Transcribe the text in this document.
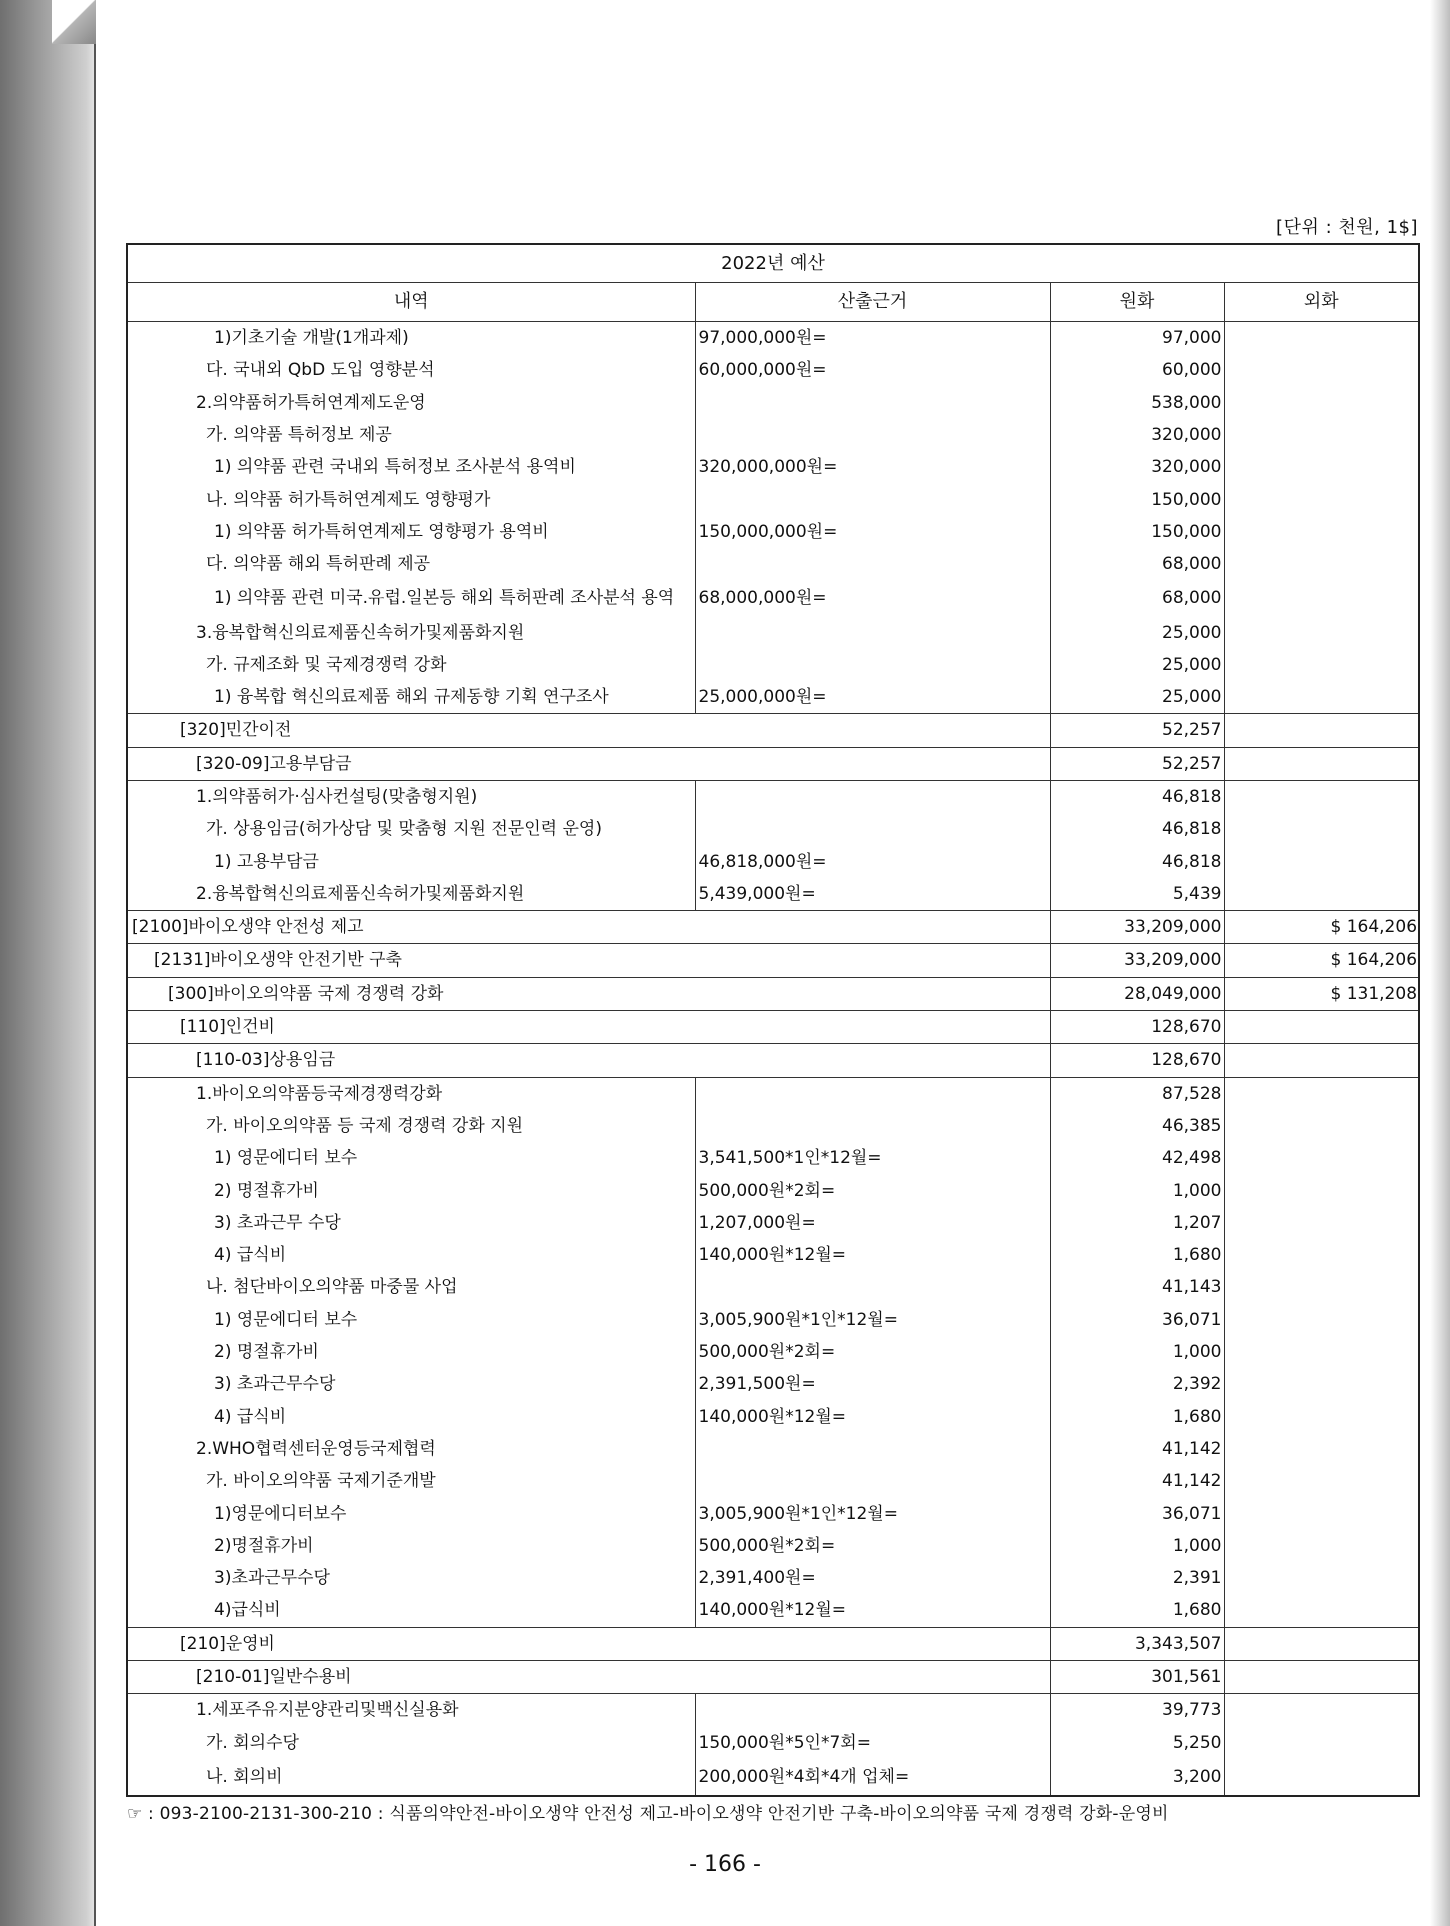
[단위 : 천원, 1$]
2022년 예산			
내역	산출근거	원화	외화
1)기초기술 개발(1개과제)	97,000,000원=	97,000	
다. 국내외 QbD 도입 영향분석	60,000,000원=	60,000	
2.의약품허가특허연계제도운영		538,000	
가. 의약품 특허정보 제공		320,000	
1) 의약품 관련 국내외 특허정보 조사분석 용역비	320,000,000원=	320,000	
나. 의약품 허가특허연계제도 영향평가		150,000	
1) 의약품 허가특허연계제도 영향평가 용역비	150,000,000원=	150,000	
다. 의약품 해외 특허판례 제공		68,000	
1) 의약품 관련 미국.유럽.일본등 해외 특허판례 조사분석 용역	68,000,000원=	68,000	
3.융복합혁신의료제품신속허가및제품화지원		25,000	
가. 규제조화 및 국제경쟁력 강화		25,000	
1) 융복합 혁신의료제품 해외 규제동향 기획 연구조사	25,000,000원=	25,000	
[320]민간이전		52,257	
[320-09]고용부담금		52,257	
1.의약품허가·심사컨설팅(맞춤형지원)		46,818	
가. 상용임금(허가상담 및 맞춤형 지원 전문인력 운영)		46,818	
1) 고용부담금	46,818,000원=	46,818	
2.융복합혁신의료제품신속허가및제품화지원	5,439,000원=	5,439	
[2100]바이오생약 안전성 제고		33,209,000	$ 164,206
[2131]바이오생약 안전기반 구축		33,209,000	$ 164,206
[300]바이오의약품 국제 경쟁력 강화		28,049,000	$ 131,208
[110]인건비		128,670	
[110-03]상용임금		128,670	
1.바이오의약품등국제경쟁력강화		87,528	
가. 바이오의약품 등 국제 경쟁력 강화 지원		46,385	
1) 영문에디터 보수	3,541,500*1인*12월=	42,498	
2) 명절휴가비	500,000원*2회=	1,000	
3) 초과근무 수당	1,207,000원=	1,207	
4) 급식비	140,000원*12월=	1,680	
나. 첨단바이오의약품 마중물 사업		41,143	
1) 영문에디터 보수	3,005,900원*1인*12월=	36,071	
2) 명절휴가비	500,000원*2회=	1,000	
3) 초과근무수당	2,391,500원=	2,392	
4) 급식비	140,000원*12월=	1,680	
2.WHO협력센터운영등국제협력		41,142	
가. 바이오의약품 국제기준개발		41,142	
1)영문에디터보수	3,005,900원*1인*12월=	36,071	
2)명절휴가비	500,000원*2회=	1,000	
3)초과근무수당	2,391,400원=	2,391	
4)급식비	140,000원*12월=	1,680	
[210]운영비		3,343,507	
[210-01]일반수용비		301,561	
1.세포주유지분양관리및백신실용화		39,773	
가. 회의수당	150,000원*5인*7회=	5,250	
나. 회의비	200,000원*4회*4개 업체=	3,200	
☞ : 093-2100-2131-300-210 : 식품의약안전-바이오생약 안전성 제고-바이오생약 안전기반 구축-바이오의약품 국제 경쟁력 강화-운영비
- 166 -
